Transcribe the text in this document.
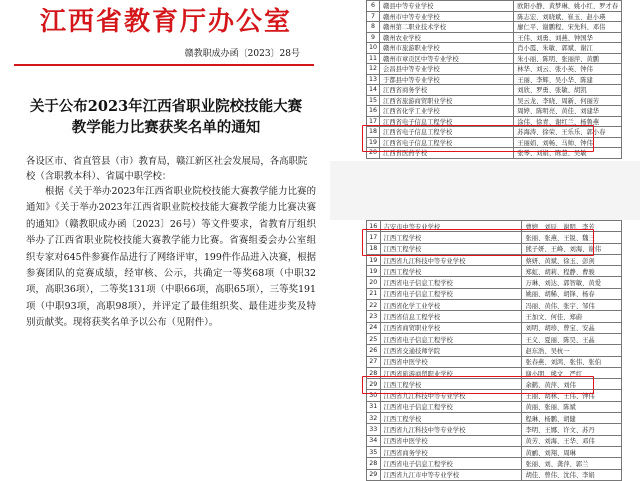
江西省教育厅办公室
赣教职成办函〔2023〕28号
关于公布2023年江西省职业院校技能大赛
教学能力比赛获奖名单的通知
各设区市、省直管县（市）教育局，赣江新区社会发展局，各高职院校（含职教本科）、省属中职学校：
根据《关于举办2023年江西省职业院校技能大赛教学能力比赛的通知》《关于举办2023年江西省职业院校技能大赛教学能力比赛决赛的通知》（赣教职成办函〔2023〕26号）等文件要求，省教育厅组织举办了江西省职业院校技能大赛教学能力比赛。省赛组委会办公室组织专家对645件参赛作品进行了网络评审，199件作品进入决赛，根据参赛团队的竞赛成绩，经审核、公示，共确定一等奖68项（中职32项，高职36项），二等奖131项（中职66项，高职65项），三等奖191项（中职93项，高职98项），并评定了最佳组织奖、最佳进步奖及特别贡献奖。现将获奖名单予以公布（见附件）。
6	赣县中等专业学校	欧阳小静、黄梦琳、姚小红、罗才春
7	赣州市中等专业学校	陈志宏、刘晓斌、崔玉、赵小瑛
8	赣州第二职业技术学校	廖仁平、谢鹏程、宋先科、邓伟
9	赣州农业学校	王伟、刘勇、刘燕、钟国华
10	赣州市旅游职业学校	肖小霞、朱敏、郭斌、谢江
11	赣州市章贡区中等专业学校	朱小丽、陈明、张丽萍、黄鹏
12	会昌县中等专业学校	林华、刘云、张小英、钟伟
13	于都县中等专业学校	王丽、李辉、吴小华、陈建
14	江西省商务学校	刘欣、罗勇、张敏、胡凯
15	江西省旅游商贸职业学校	吴云龙、李晓、周新、何丽芳
16	江西省化学工业学校	周婷、陈明亮、黄佳、刘建华
17	江西省电子信息工程学校	涂伟、徐青、谢红兰、杨鲁燕
18	江西省电子信息工程学校	苏海涛、徐荣、王乐乐、郭小春
19	江西省电子信息工程学校	王丽娟、刘畅、马帅、钟伟
20	江西省医药学校	张琴、刘娟、陈慧、吴敏
16	吉安市中等专业学校	曹婷、刘辰、谢明、李芳
17	江西工程学校	张丽、张燕、王锐、魏三
18	江西工程学校	熊子妍、王峰、刘海、谢伟
19	江西省九江科技中等专业学校	蔡妍、黄斌、徐玉、彭剑
19	江西工程学校	郑虹、胡莉、程静、曹骏
20	江西省电子信息工程学校	万琳、刘达、郭智敏、黄爱
21	江西省电子信息工程学校	姚丽、胡稀、胡锋、杨春
22	江西省化学工业学校	冯丽、黄伟、张宇、邹伟
23	江西省信息工程学校	王加文、何佳、郑蔚
24	江西省商贸职业学校	刘明、胡珍、曾宝、安晶
25	江西省电子信息工程学校	王义、夏丽、陈昊、王晶
26	江西省交通技师学院	赵东浩、吴杭一
27	江西省中医学校	张春燕、刘鸿、张伟、张伯
28	江西省旅游商贸职业学校	谢小明、熊文、严红
29	江西工程学校	余鹤、黄萍、刘伟
30	江西省九江科技中等专业学校	王丽、胡林、王伟、钟伟
31	江西省电子信息工程学校	黄丽、张丽、陈斌
32	江西工程学校	程琳、杨鹏、胡健
33	江西省九江科技中等专业学校	李明、王娜、许文、苏丹
34	江西省中医学校	黄芳、刘海、王华、邓伟
35	江西省商务学校	黄鹂、刘翔、周琳
28	江西省电子信息工程学校	张丽、刘、龚萍、郭兰
29	江西省九江市中等专业学校	胡佳、曾伟、沈伟、李娟
